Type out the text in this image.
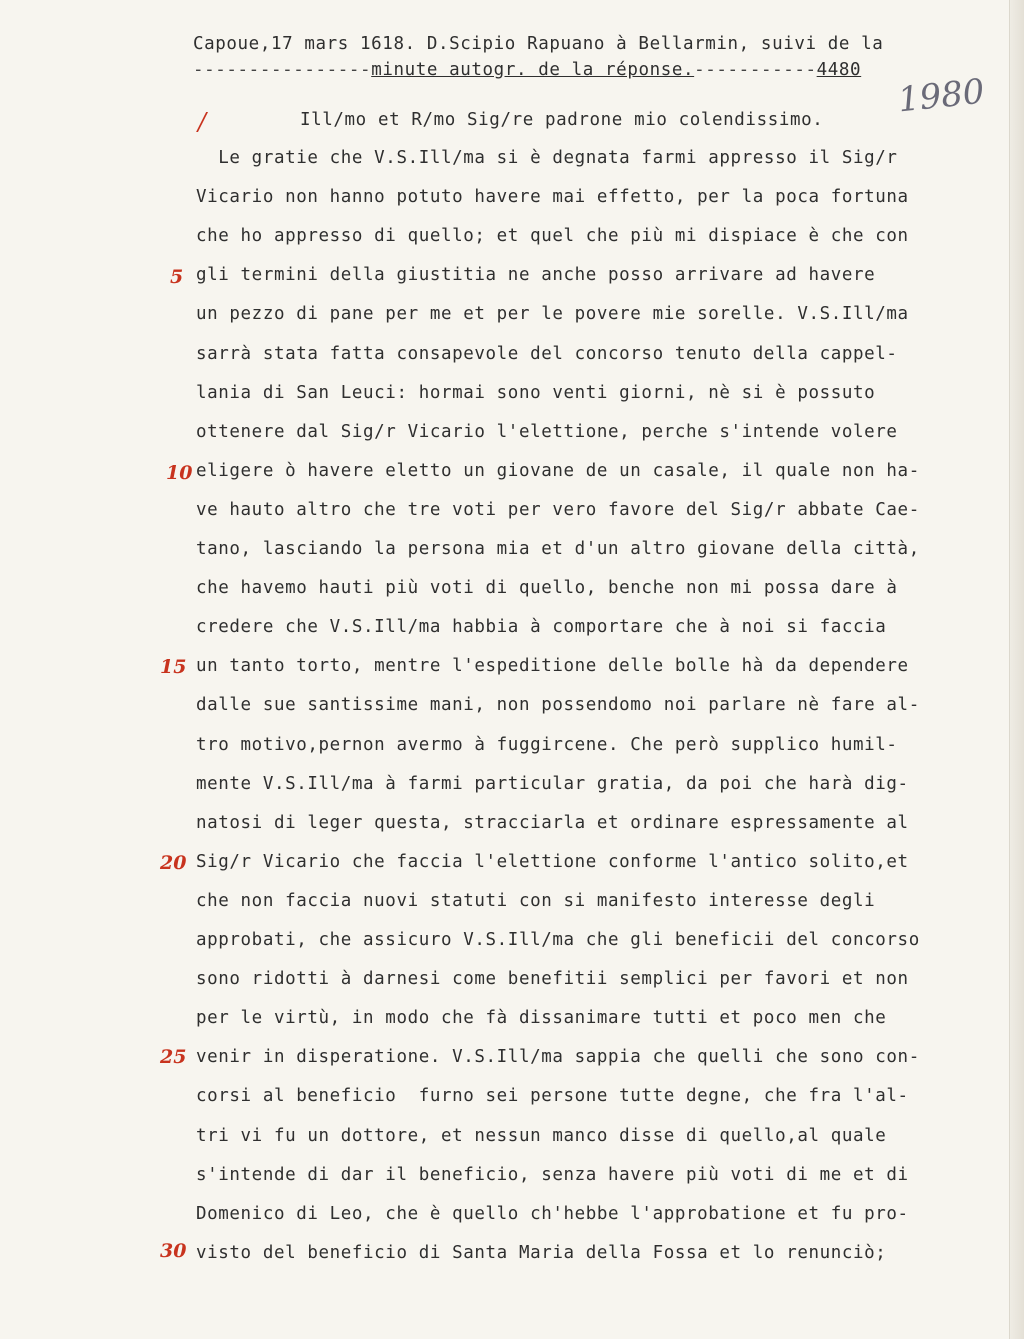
Capoue,17 mars 1618. D.Scipio Rapuano à Bellarmin, suivi de la
----------------minute autogr. de la réponse.-----------4480
1980
/	Ill/mo et R/mo Sig/re padrone mio colendissimo.
Le gratie che V.S.Ill/ma si è degnata farmi appresso il Sig/r
Vicario non hanno potuto havere mai effetto, per la poca fortuna
che ho appresso di quello; et quel che più mi dispiace è che con
gli termini della giustitia ne anche posso arrivare ad havere
un pezzo di pane per me et per le povere mie sorelle. V.S.Ill/ma
sarrà stata fatta consapevole del concorso tenuto della cappel-
lania di San Leuci: hormai sono venti giorni, nè si è possuto
ottenere dal Sig/r Vicario l'elettione, perche s'intende volere
eligere ò havere eletto un giovane de un casale, il quale non ha-
ve hauto altro che tre voti per vero favore del Sig/r abbate Cae-
tano, lasciando la persona mia et d'un altro giovane della città,
che havemo hauti più voti di quello, benche non mi possa dare à
credere che V.S.Ill/ma habbia à comportare che à noi si faccia
un tanto torto, mentre l'espeditione delle bolle hà da dependere
dalle sue santissime mani, non possendomo noi parlare nè fare al-
tro motivo,pernon avermo à fuggircene. Che però supplico humil-
mente V.S.Ill/ma à farmi particular gratia, da poi che harà dig-
natosi di leger questa, stracciarla et ordinare espressamente al
Sig/r Vicario che faccia l'elettione conforme l'antico solito,et
che non faccia nuovi statuti con si manifesto interesse degli
approbati, che assicuro V.S.Ill/ma che gli beneficii del concorso
sono ridotti à darnesi come benefitii semplici per favori et non
per le virtù, in modo che fà dissanimare tutti et poco men che
venir in disperatione. V.S.Ill/ma sappia che quelli che sono con-
corsi al beneficio  furno sei persone tutte degne, che fra l'al-
tri vi fu un dottore, et nessun manco disse di quello,al quale
s'intende di dar il beneficio, senza havere più voti di me et di
Domenico di Leo, che è quello ch'hebbe l'approbatione et fu pro-
visto del beneficio di Santa Maria della Fossa et lo renunciò;
5
10
15
20
25
30
